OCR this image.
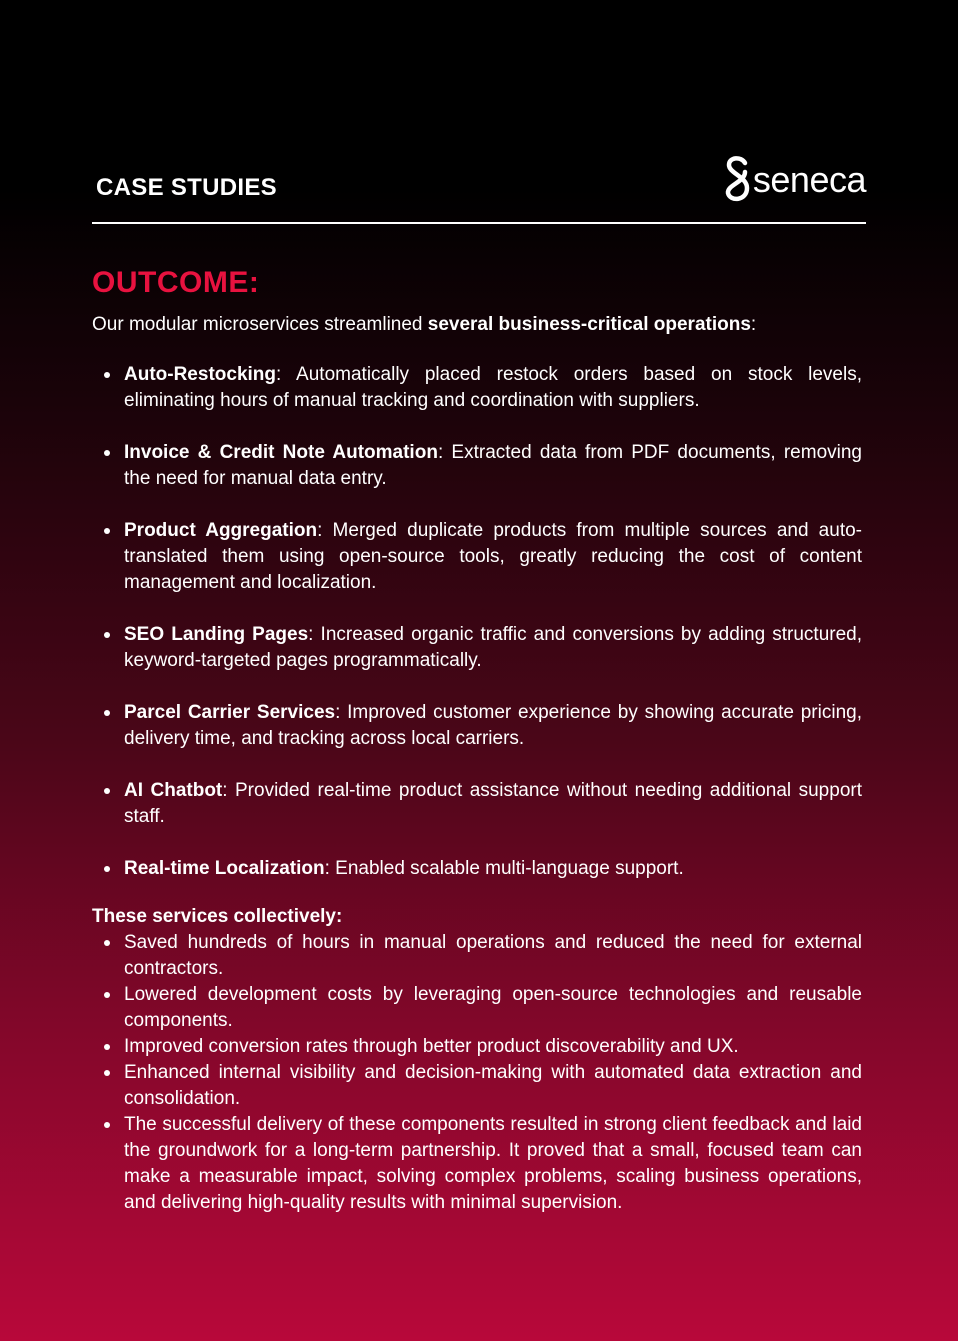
CASE STUDIES	seneca
OUTCOME:

Our modular microservices streamlined several business-critical operations:

Auto-Restocking: Automatically placed restock orders based on stock levels, eliminating hours of manual tracking and coordination with suppliers.
Invoice & Credit Note Automation: Extracted data from PDF documents, removing the need for manual data entry.
Product Aggregation: Merged duplicate products from multiple sources and auto-translated them using open-source tools, greatly reducing the cost of content management and localization.
SEO Landing Pages: Increased organic traffic and conversions by adding structured, keyword-targeted pages programmatically.
Parcel Carrier Services: Improved customer experience by showing accurate pricing, delivery time, and tracking across local carriers.
AI Chatbot: Provided real-time product assistance without needing additional support staff.
Real-time Localization: Enabled scalable multi-language support.

These services collectively:

Saved hundreds of hours in manual operations and reduced the need for external contractors.
Lowered development costs by leveraging open-source technologies and reusable components.
Improved conversion rates through better product discoverability and UX.
Enhanced internal visibility and decision-making with automated data extraction and consolidation.
The successful delivery of these components resulted in strong client feedback and laid the groundwork for a long-term partnership. It proved that a small, focused team can make a measurable impact, solving complex problems, scaling business operations, and delivering high-quality results with minimal supervision.
